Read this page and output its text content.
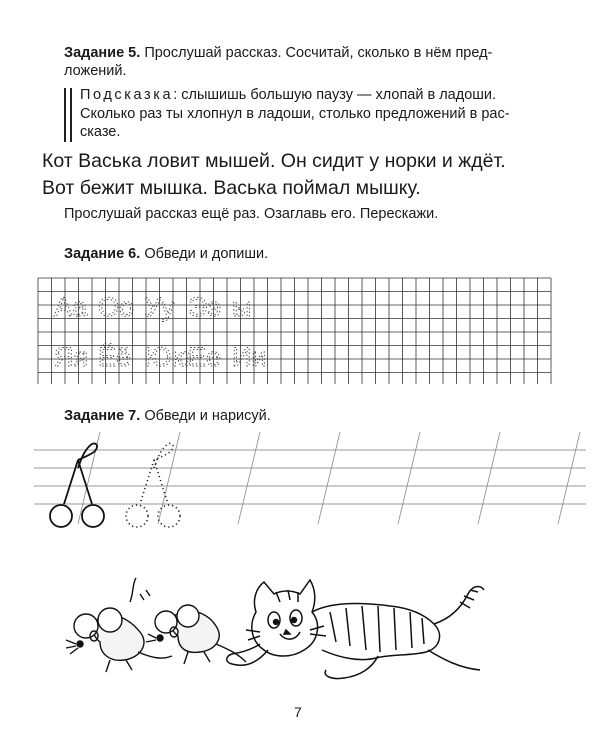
Задание 5. Прослушай рассказ. Сосчитай, сколько в нём пред-
ложений.
Подсказка: слышишь большую паузу — хлопай в ладоши.
Сколько раз ты хлопнул в ладоши, столько предложений в рас-
сказе.
Кот Васька ловит мышей. Он сидит у норки и ждёт.
Вот бежит мышка. Васька поймал мышку.
Прослушай рассказ ещё раз. Озаглавь его. Перескажи.
Задание 6. Обведи и допиши.
Аа Оо Уу Ээ ы
Яя Ёё Юю
Ее Ии
Задание 7. Обведи и нарисуй.
7
